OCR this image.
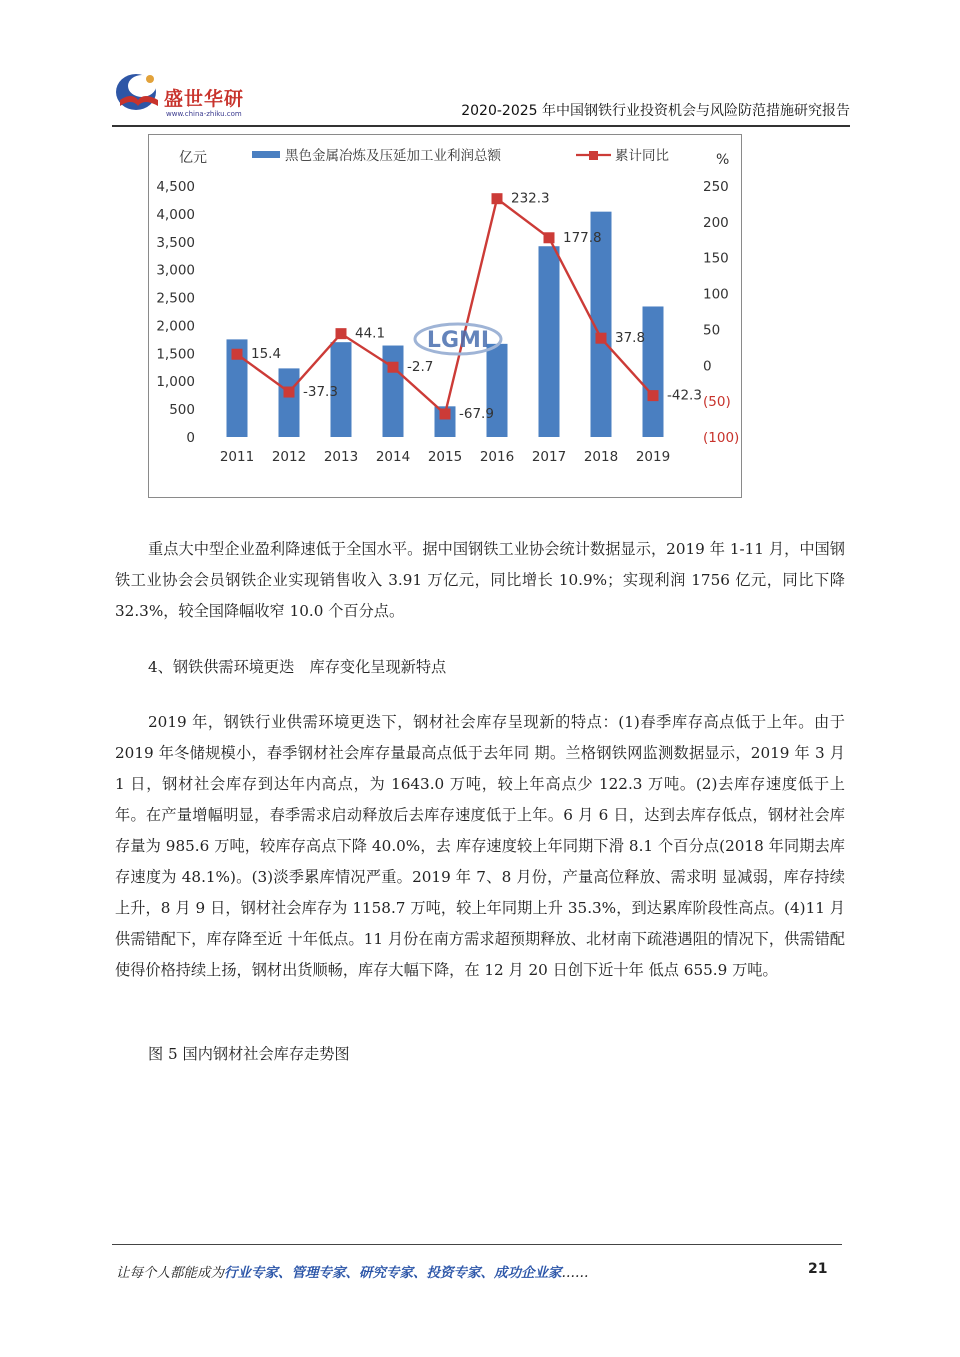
盛世华研
www.china-zhiku.com	2020-2025 年中国钢铁行业投资机会与风险防范措施研究报告
亿元	%
黑色金属冶炼及压延加工业利润总额	累计同比
4,500
4,000
3,500
3,000
2,500
2,000
1,500
1,000
500
0
250
200
150
100
50
0
(50)
(100)
2011 2012 2013 2014 2015 2016 2017 2018 2019
15.4
-37.3
44.1
-2.7
-67.9
232.3
177.8
37.8
-42.3
LGMI
重点大中型企业盈利降速低于全国水平。据中国钢铁工业协会统计数据显示，2019 年 1-11 月，中国钢铁工业协会会员钢铁企业实现销售收入 3.91 万亿元，同比增长 10.9%；实现利润 1756 亿元，同比下降 32.3%，较全国降幅收窄 10.0 个百分点。
4、钢铁供需环境更迭　库存变化呈现新特点
2019 年，钢铁行业供需环境更迭下，钢材社会库存呈现新的特点：(1)春季库存高点低于上年。由于 2019 年冬储规模小，春季钢材社会库存量最高点低于去年同 期。兰格钢铁网监测数据显示，2019 年 3 月 1 日，钢材社会库存到达年内高点，为 1643.0 万吨，较上年高点少 122.3 万吨。(2)去库存速度低于上 年。在产量增幅明显，春季需求启动释放后去库存速度低于上年。6 月 6 日，达到去库存低点，钢材社会库存量为 985.6 万吨，较库存高点下降 40.0%，去 库存速度较上年同期下滑 8.1 个百分点(2018 年同期去库存速度为 48.1%)。(3)淡季累库情况严重。2019 年 7、8 月份，产量高位释放、需求明 显减弱，库存持续上升，8 月 9 日，钢材社会库存为 1158.7 万吨，较上年同期上升 35.3%，到达累库阶段性高点。(4)11 月供需错配下，库存降至近 十年低点。11 月份在南方需求超预期释放、北材南下疏港遇阻的情况下，供需错配使得价格持续上扬，钢材出货顺畅，库存大幅下降，在 12 月 20 日创下近十年 低点 655.9 万吨。
图 5 国内钢材社会库存走势图
让每个人都能成为行业专家、管理专家、研究专家、投资专家、成功企业家……	21
